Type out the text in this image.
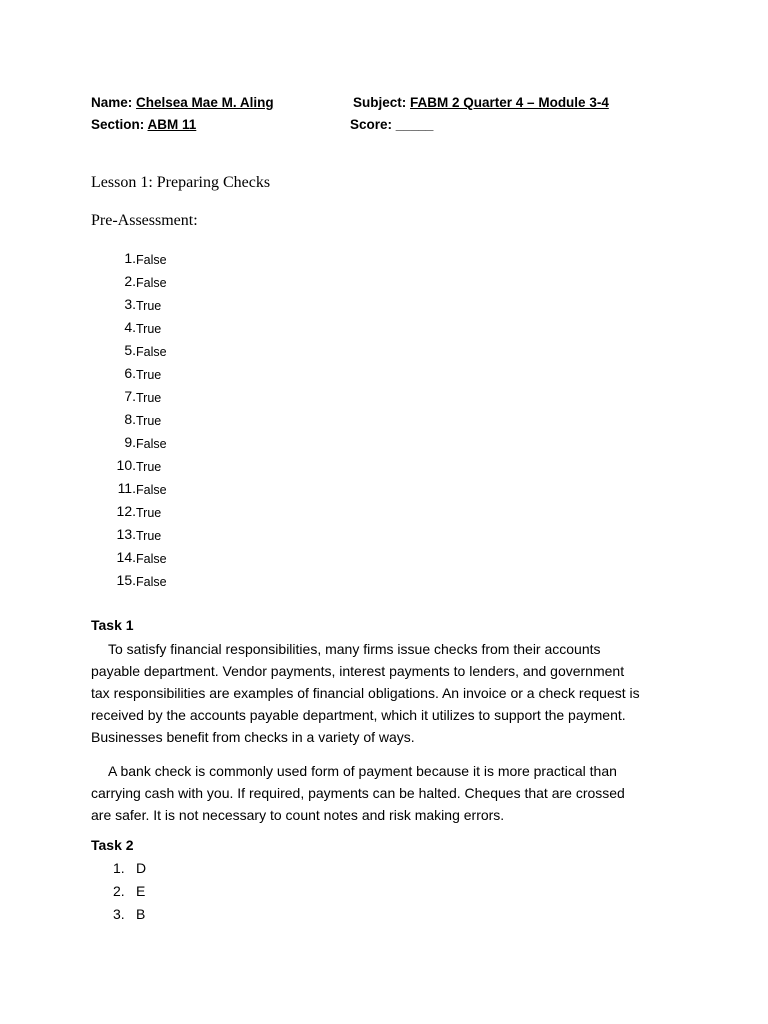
Name: Chelsea Mae M. Aling	Subject: FABM 2 Quarter 4 – Module 3-4
Section: ABM 11	Score: _____
Lesson 1: Preparing Checks
Pre-Assessment:
1. False
2. False
3. True
4. True
5. False
6. True
7. True
8. True
9. False
10. True
11. False
12. True
13. True
14. False
15. False
Task 1
To satisfy financial responsibilities, many firms issue checks from their accounts
payable department. Vendor payments, interest payments to lenders, and government
tax responsibilities are examples of financial obligations. An invoice or a check request is
received by the accounts payable department, which it utilizes to support the payment.
Businesses benefit from checks in a variety of ways.
A bank check is commonly used form of payment because it is more practical than
carrying cash with you. If required, payments can be halted. Cheques that are crossed
are safer. It is not necessary to count notes and risk making errors.
Task 2
1. D
2. E
3. B
